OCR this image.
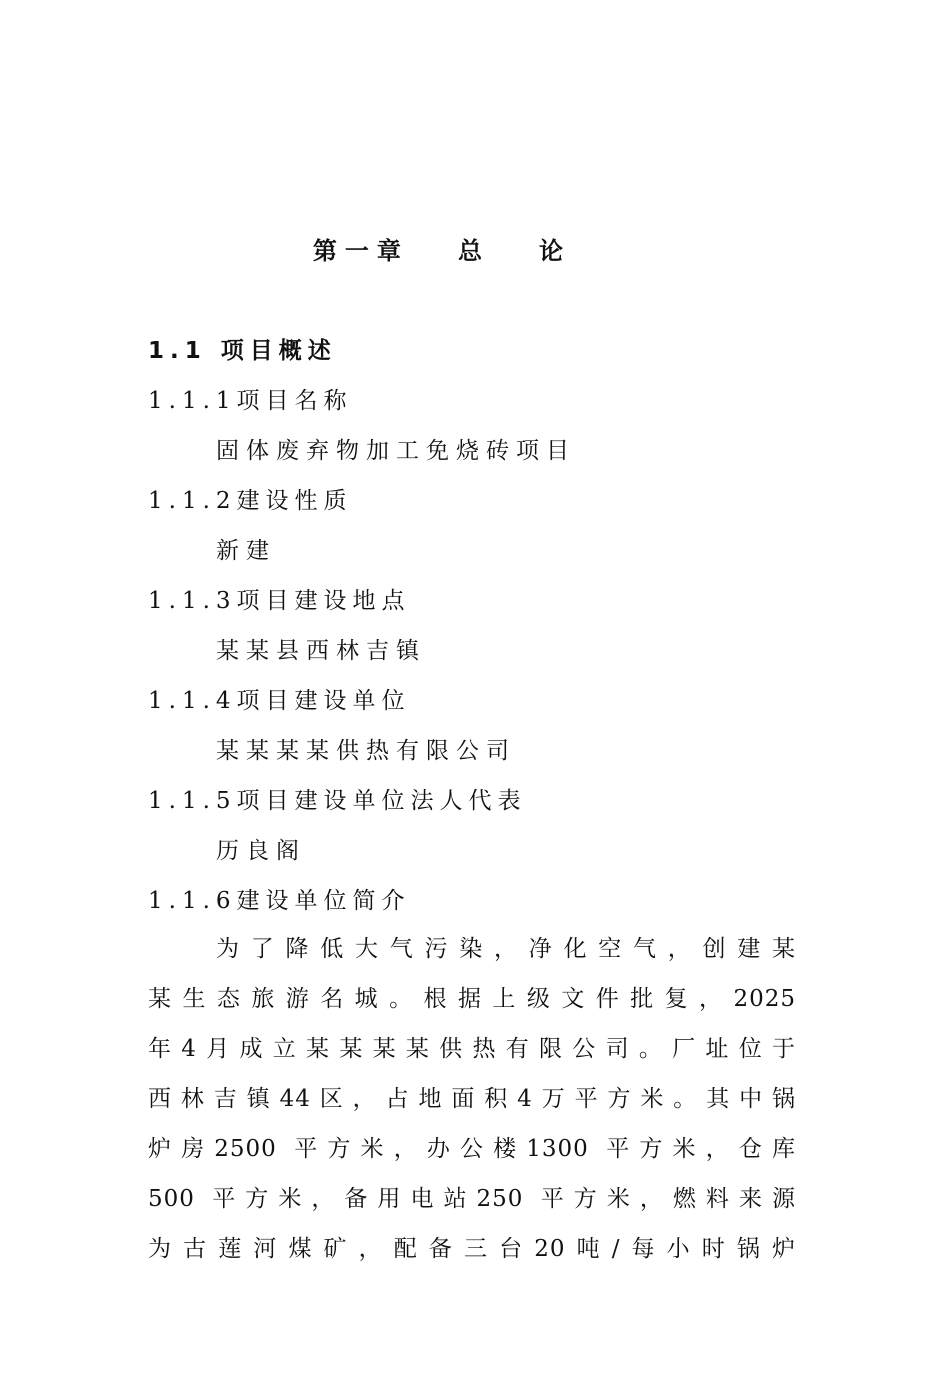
第一章   总   论
1.1 项目概述
1.1.1项目名称
固体废弃物加工免烧砖项目
1.1.2建设性质
新建
1.1.3项目建设地点
某某县西林吉镇
1.1.4项目建设单位
某某某某供热有限公司
1.1.5项目建设单位法人代表
历良阁
1.1.6建设单位简介
为了降低大气污染，净化空气，创建某
某生态旅游名城。根据上级文件批复，2025
年4月成立某某某某供热有限公司。厂址位于
西林吉镇44区，占地面积4万平方米。其中锅
炉房2500 平方米，办公楼1300 平方米，仓库
500 平方米，备用电站250 平方米，燃料来源
为古莲河煤矿，配备三台20吨/每小时锅炉
